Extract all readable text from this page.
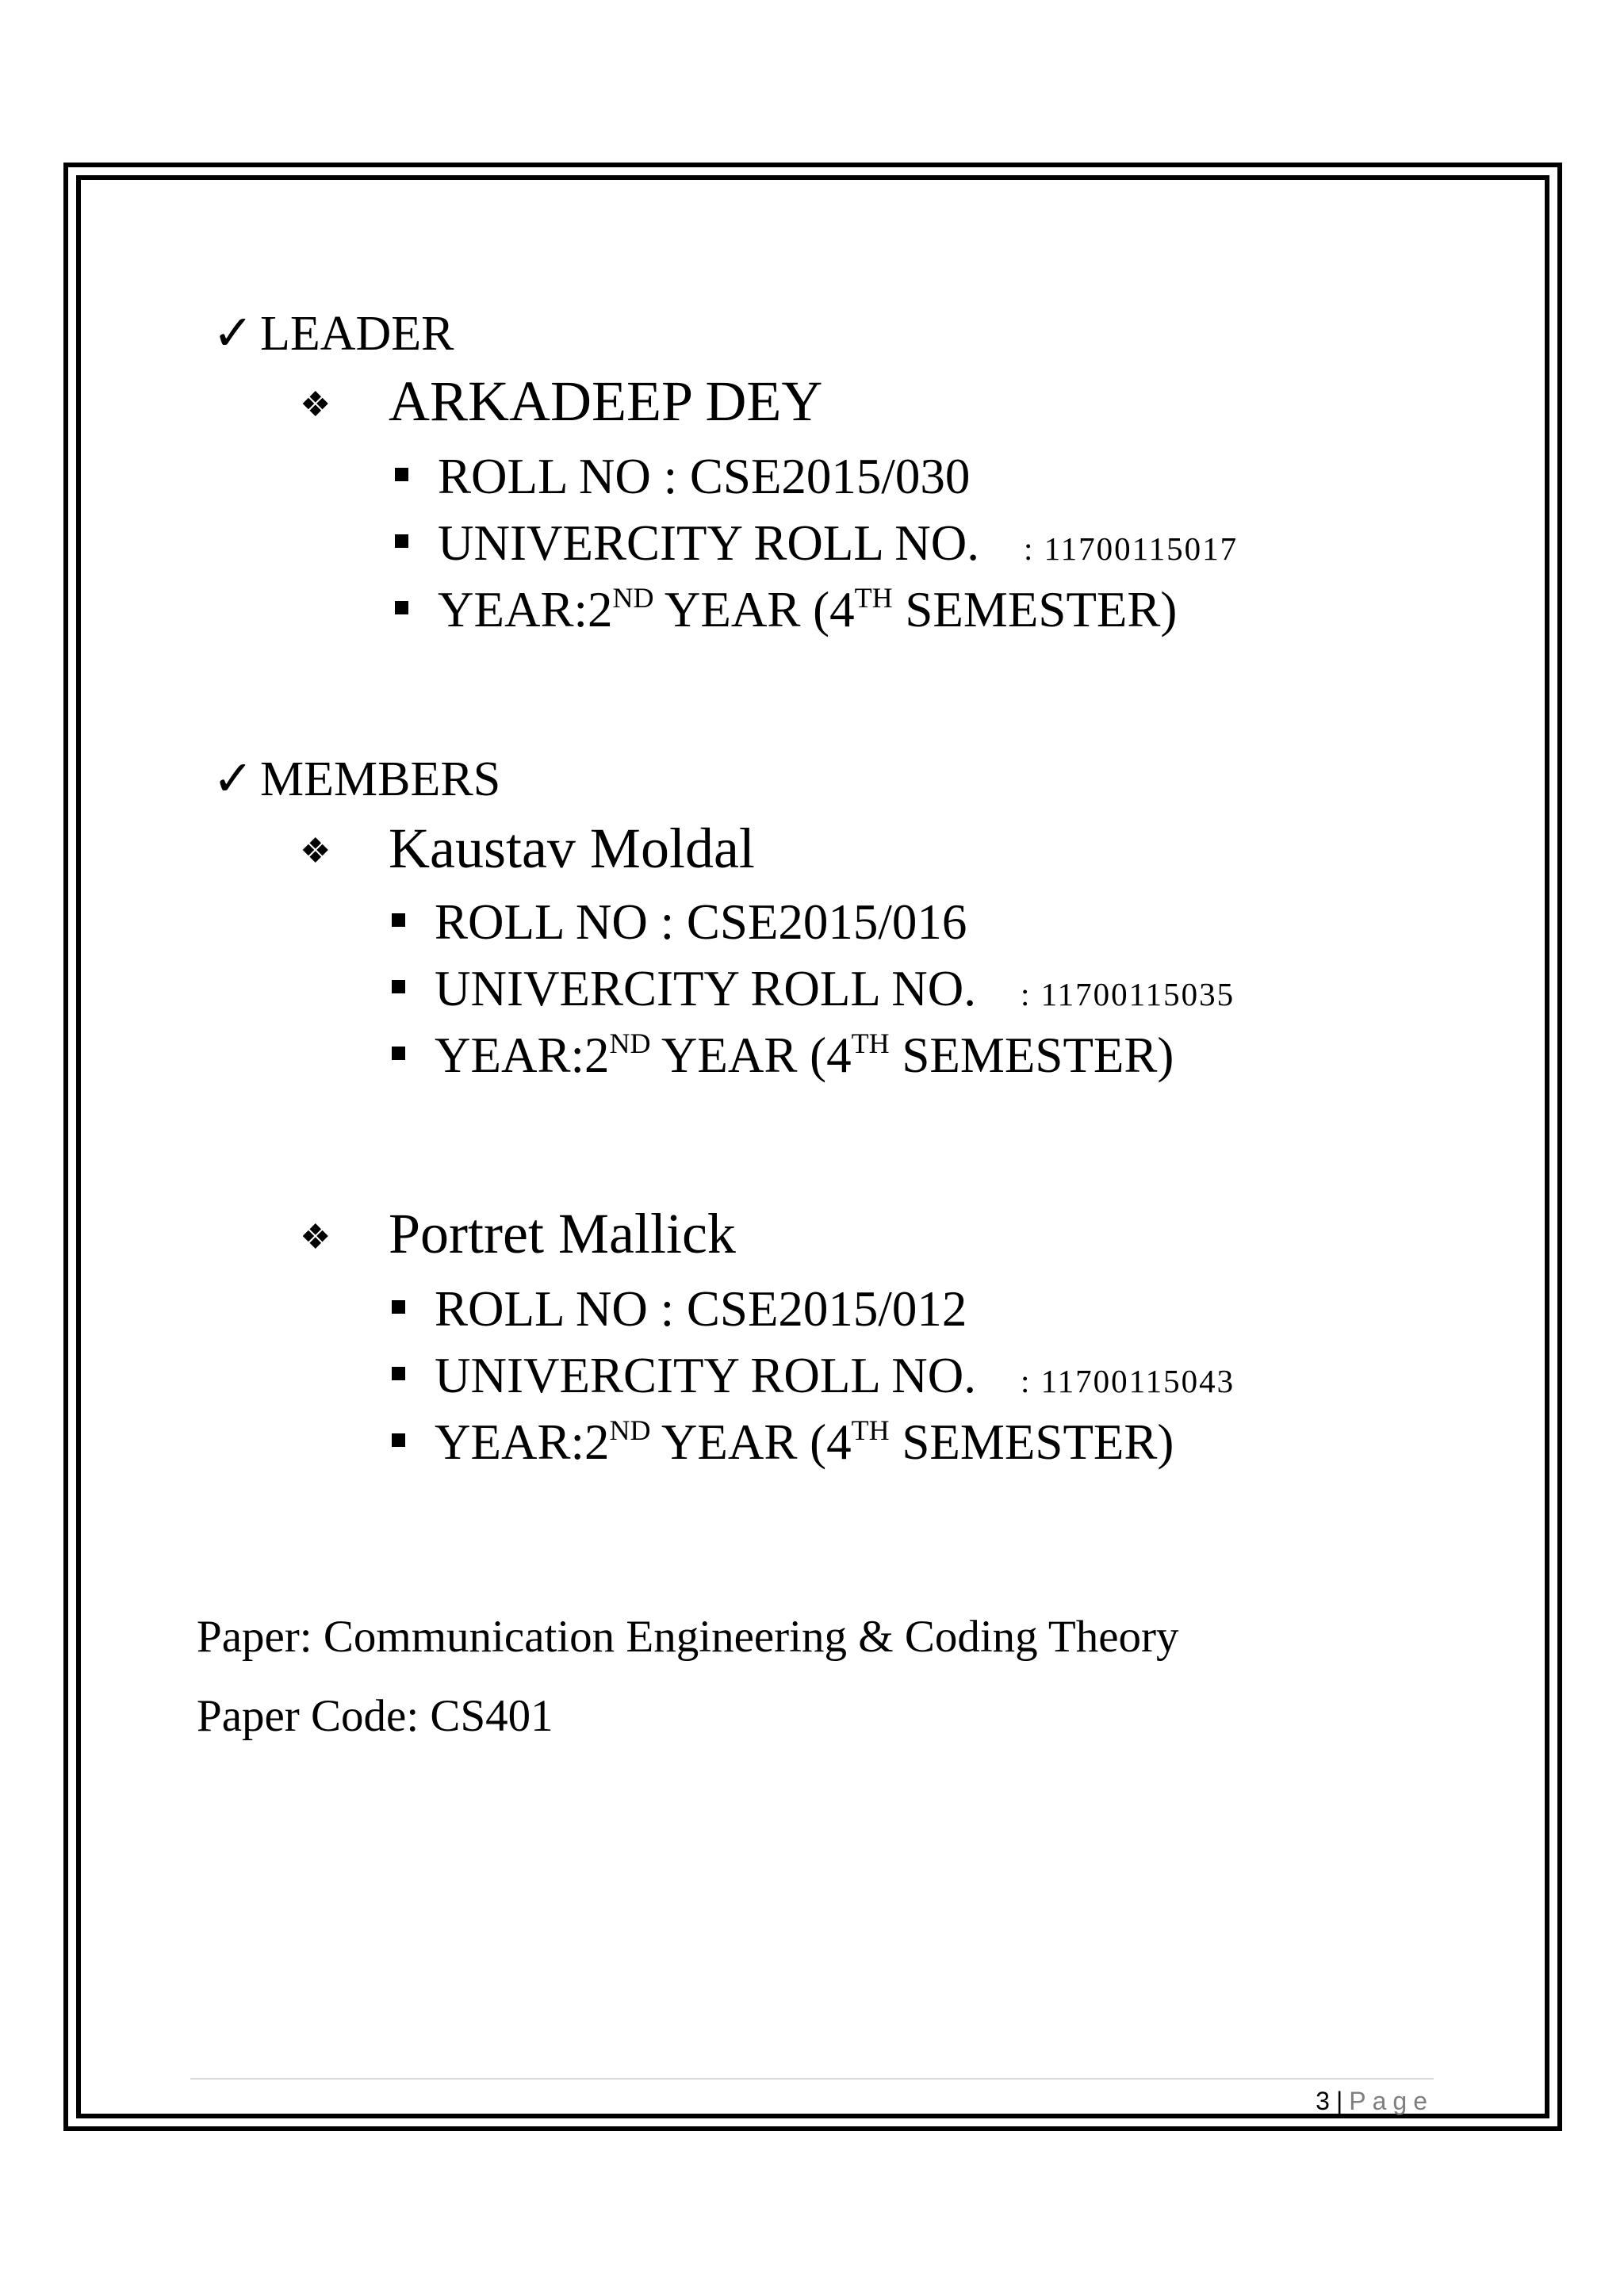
✓ LEADER
❖ ARKADEEP DEY
ROLL NO : CSE2015/030
UNIVERCITY ROLL NO. : 11700115017
YEAR:2ND YEAR (4TH SEMESTER)
✓ MEMBERS
❖ Kaustav Moldal
ROLL NO : CSE2015/016
UNIVERCITY ROLL NO. : 11700115035
YEAR:2ND YEAR (4TH SEMESTER)
❖ Portret Mallick
ROLL NO : CSE2015/012
UNIVERCITY ROLL NO. : 11700115043
YEAR:2ND YEAR (4TH SEMESTER)
Paper: Communication Engineering & Coding Theory
Paper Code: CS401
3 | Page
